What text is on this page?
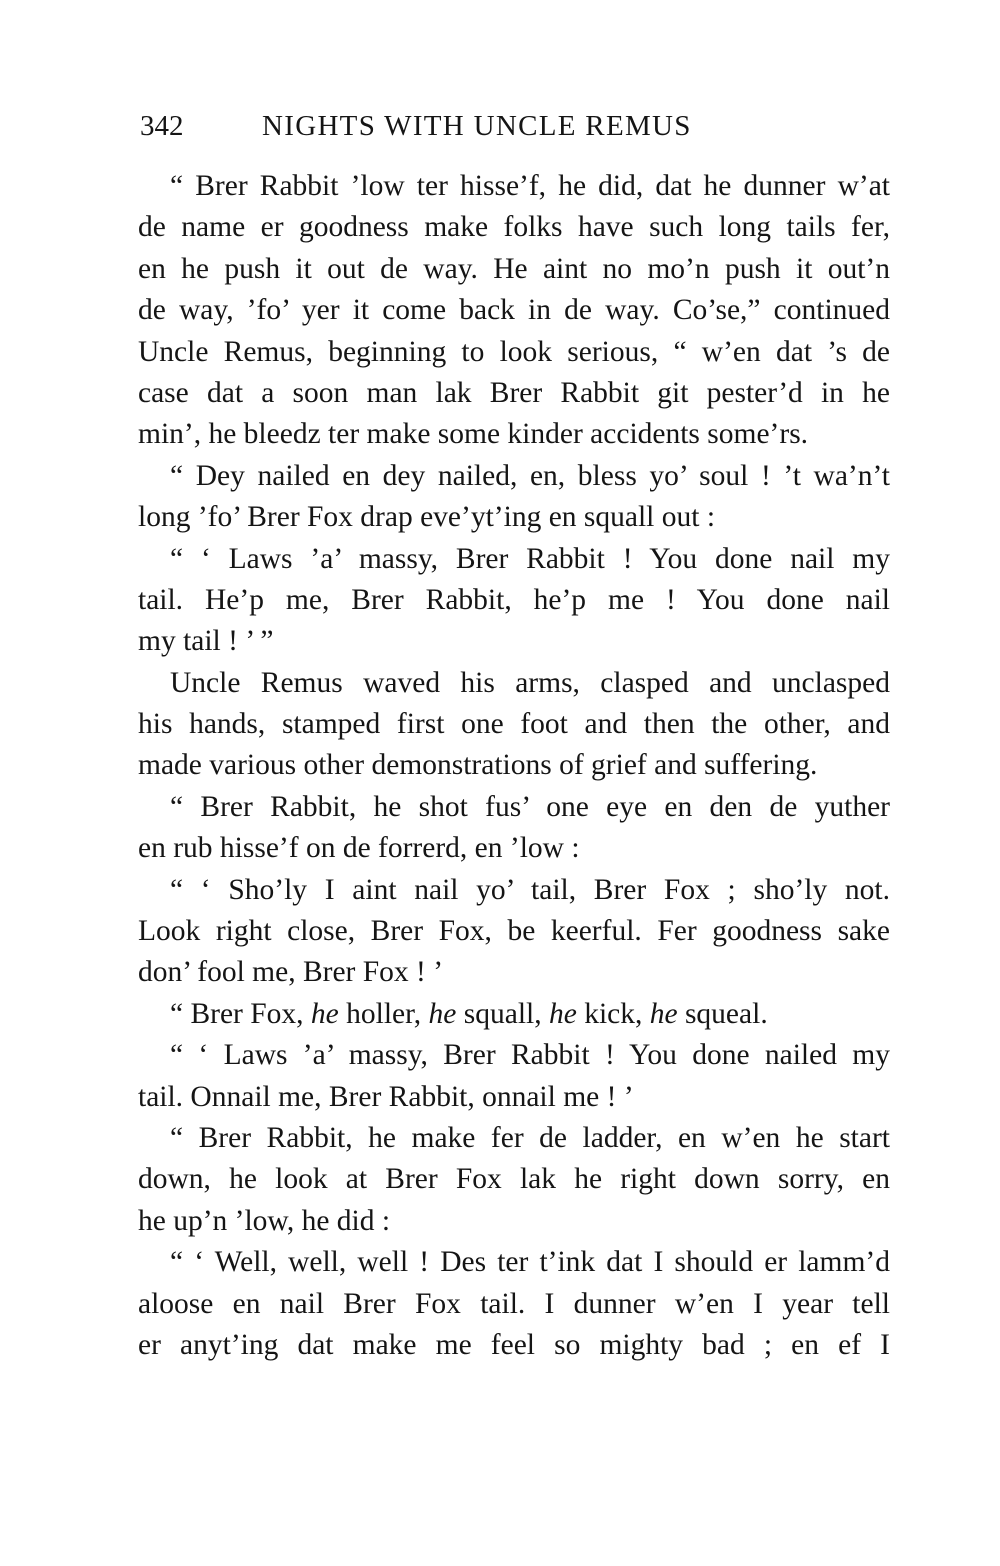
342	NIGHTS WITH UNCLE REMUS
“ Brer Rabbit ’low ter hisse’f, he did, dat he dunner w’at
de name er goodness make folks have such long tails fer,
en he push it out de way. He aint no mo’n push it out’n
de way, ’fo’ yer it come back in de way. Co’se,” continued
Uncle Remus, beginning to look serious, “ w’en dat ’s de
case dat a soon man lak Brer Rabbit git pester’d in he
min’, he bleedz ter make some kinder accidents some’rs.
“ Dey nailed en dey nailed, en, bless yo’ soul ! ’t wa’n’t
long ’fo’ Brer Fox drap eve’yt’ing en squall out :
“ ‘ Laws ’a’ massy, Brer Rabbit ! You done nail my
tail. He’p me, Brer Rabbit, he’p me ! You done nail
my tail ! ’ ”
Uncle Remus waved his arms, clasped and unclasped
his hands, stamped first one foot and then the other, and
made various other demonstrations of grief and suffering.
“ Brer Rabbit, he shot fus’ one eye en den de yuther
en rub hisse’f on de forrerd, en ’low :
“ ‘ Sho’ly I aint nail yo’ tail, Brer Fox ; sho’ly not.
Look right close, Brer Fox, be keerful. Fer goodness sake
don’ fool me, Brer Fox ! ’
“ Brer Fox, he holler, he squall, he kick, he squeal.
“ ‘ Laws ’a’ massy, Brer Rabbit ! You done nailed my
tail. Onnail me, Brer Rabbit, onnail me ! ’
“ Brer Rabbit, he make fer de ladder, en w’en he start
down, he look at Brer Fox lak he right down sorry, en
he up’n ’low, he did :
“ ‘ Well, well, well ! Des ter t’ink dat I should er lamm’d
aloose en nail Brer Fox tail. I dunner w’en I year tell
er anyt’ing dat make me feel so mighty bad ; en ef I
